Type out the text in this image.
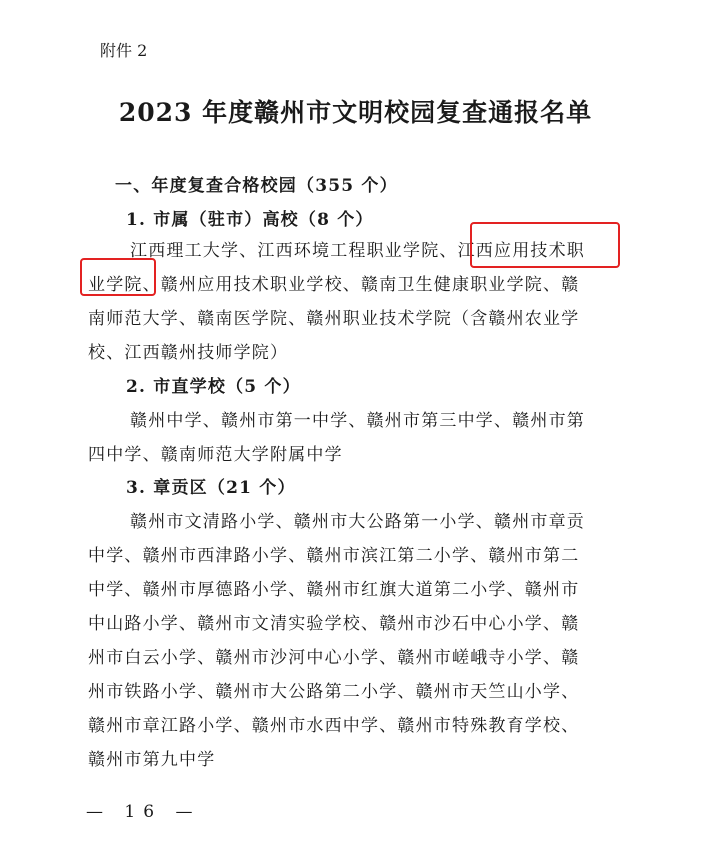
附件 2
2023 年度赣州市文明校园复查通报名单
一、年度复查合格校园（355 个）
1. 市属（驻市）高校（8 个）
江西理工大学、江西环境工程职业学院、江西应用技术职
业学院、赣州应用技术职业学校、赣南卫生健康职业学院、赣
南师范大学、赣南医学院、赣州职业技术学院（含赣州农业学
校、江西赣州技师学院）
2. 市直学校（5 个）
赣州中学、赣州市第一中学、赣州市第三中学、赣州市第
四中学、赣南师范大学附属中学
3. 章贡区（21 个）
赣州市文清路小学、赣州市大公路第一小学、赣州市章贡
中学、赣州市西津路小学、赣州市滨江第二小学、赣州市第二
中学、赣州市厚德路小学、赣州市红旗大道第二小学、赣州市
中山路小学、赣州市文清实验学校、赣州市沙石中心小学、赣
州市白云小学、赣州市沙河中心小学、赣州市嵯峨寺小学、赣
州市铁路小学、赣州市大公路第二小学、赣州市天竺山小学、
赣州市章江路小学、赣州市水西中学、赣州市特殊教育学校、
赣州市第九中学
— 16 —
